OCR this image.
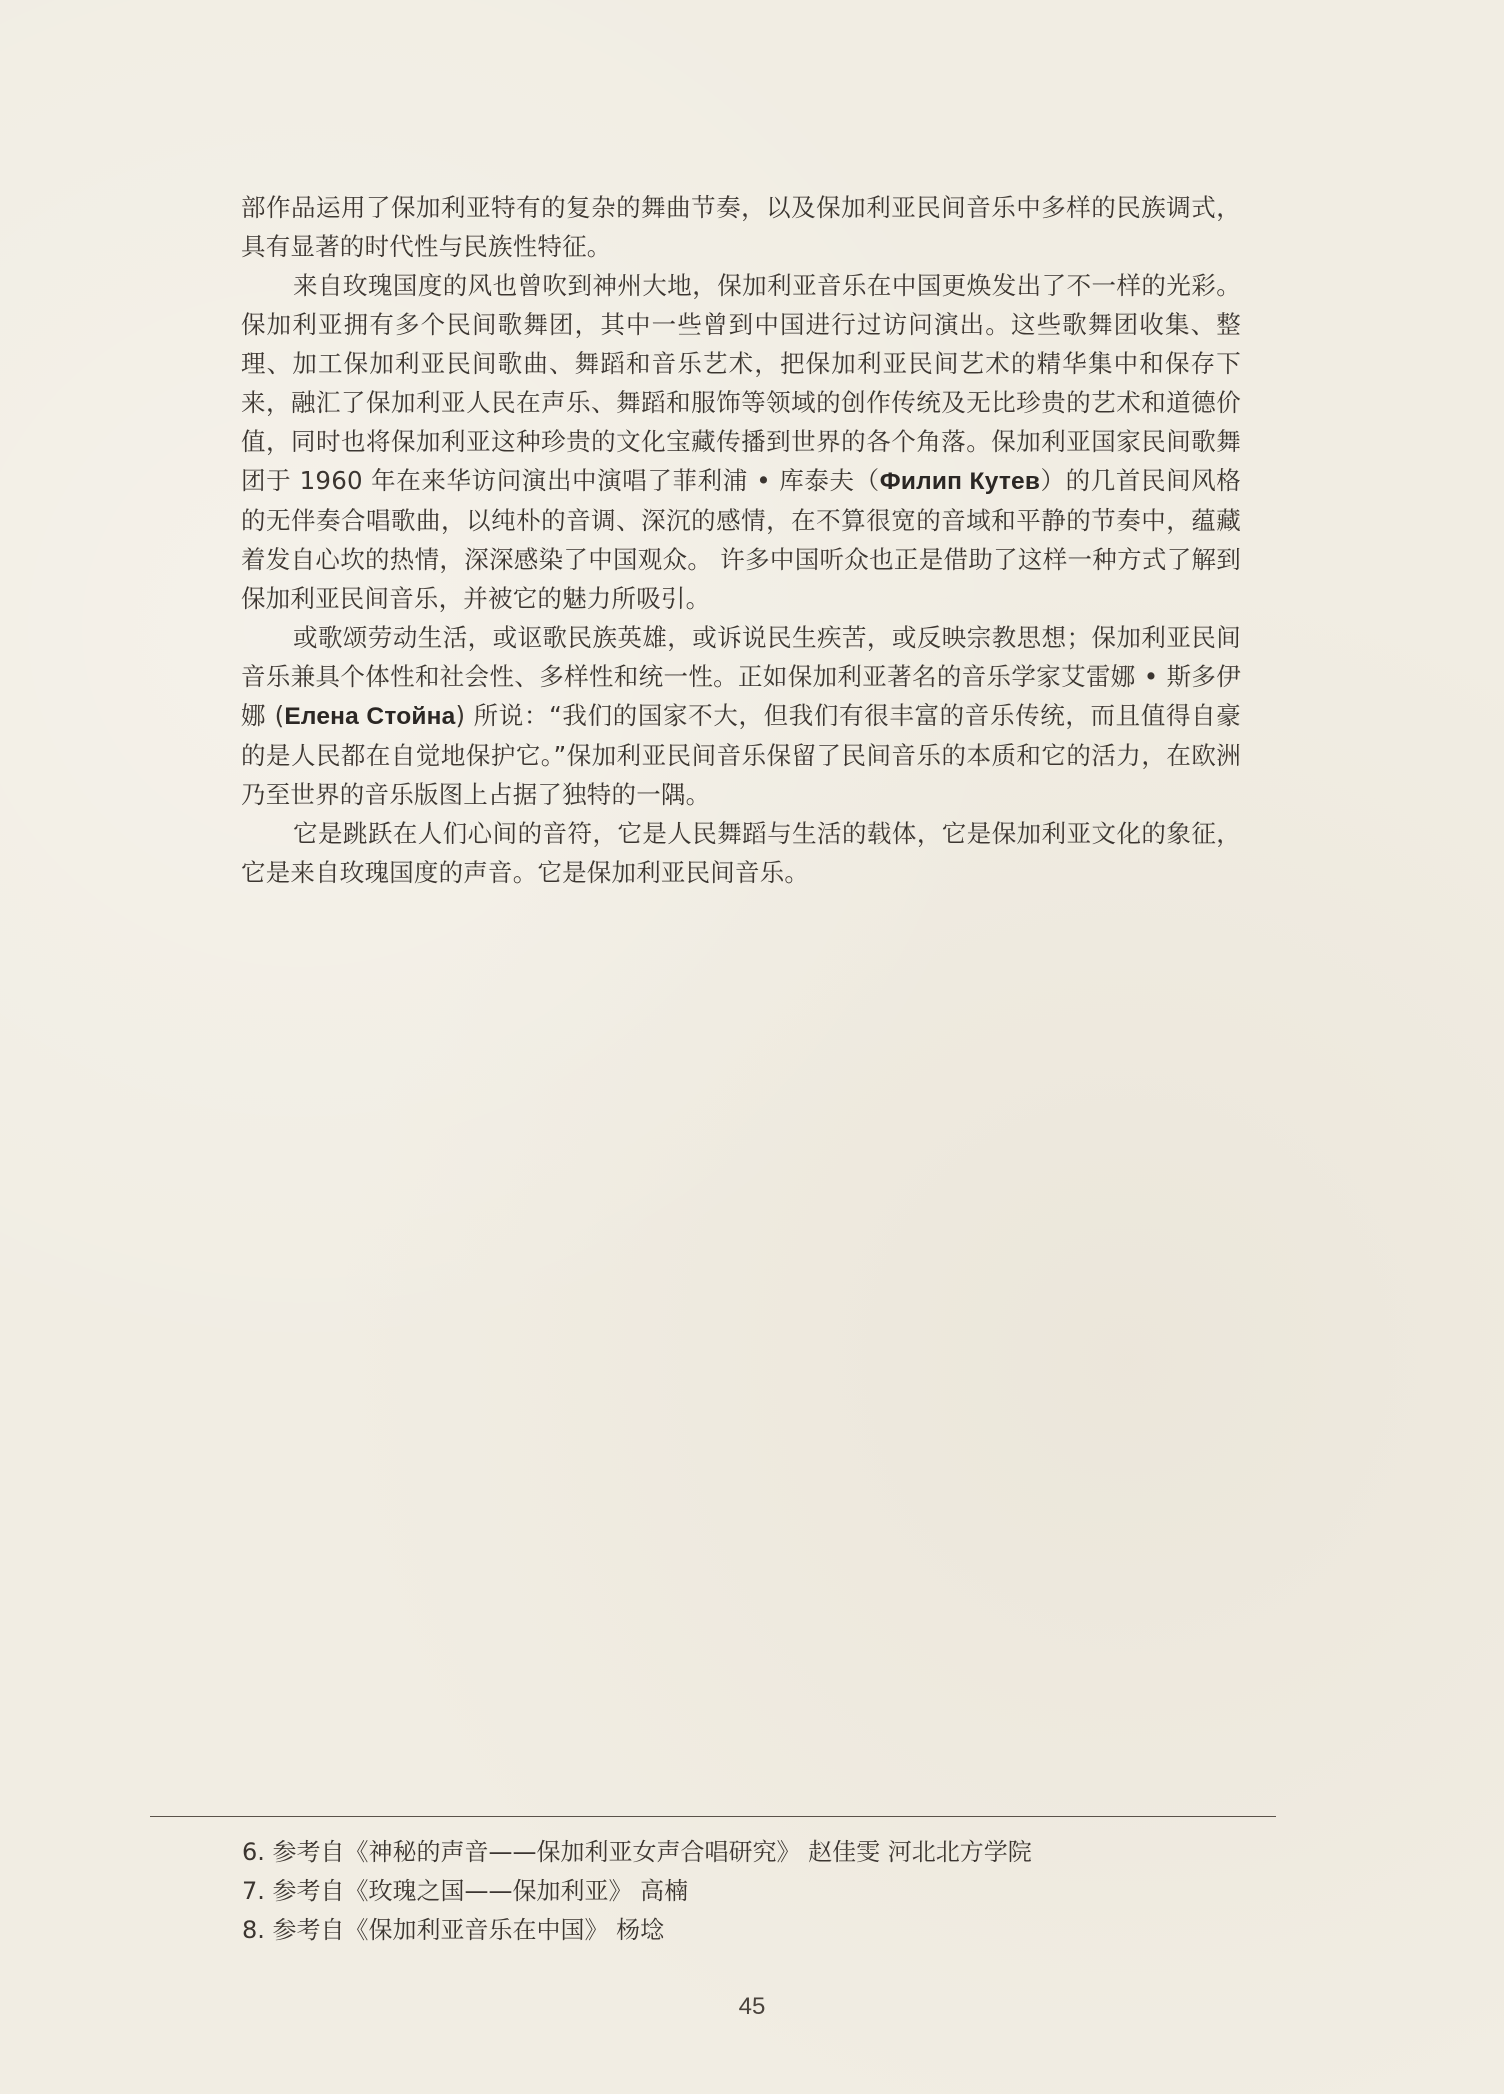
部作品运用了保加利亚特有的复杂的舞曲节奏，以及保加利亚民间音乐中多样的民族调式，具有显著的时代性与民族性特征。

来自玫瑰国度的风也曾吹到神州大地，保加利亚音乐在中国更焕发出了不一样的光彩。保加利亚拥有多个民间歌舞团，其中一些曾到中国进行过访问演出。这些歌舞团收集、整理、加工保加利亚民间歌曲、舞蹈和音乐艺术，把保加利亚民间艺术的精华集中和保存下来，融汇了保加利亚人民在声乐、舞蹈和服饰等领域的创作传统及无比珍贵的艺术和道德价值，同时也将保加利亚这种珍贵的文化宝藏传播到世界的各个角落。保加利亚国家民间歌舞团于 1960 年在来华访问演出中演唱了菲利浦 • 库泰夫（Филип Кутев）的几首民间风格的无伴奏合唱歌曲，以纯朴的音调、深沉的感情，在不算很宽的音域和平静的节奏中，蕴藏着发自心坎的热情，深深感染了中国观众。 许多中国听众也正是借助了这样一种方式了解到保加利亚民间音乐，并被它的魅力所吸引。

或歌颂劳动生活，或讴歌民族英雄，或诉说民生疾苦，或反映宗教思想；保加利亚民间音乐兼具个体性和社会性、多样性和统一性。正如保加利亚著名的音乐学家艾雷娜 • 斯多伊娜 (Елена Стойна) 所说：“我们的国家不大，但我们有很丰富的音乐传统，而且值得自豪的是人民都在自觉地保护它。”保加利亚民间音乐保留了民间音乐的本质和它的活力，在欧洲乃至世界的音乐版图上占据了独特的一隅。

它是跳跃在人们心间的音符，它是人民舞蹈与生活的载体，它是保加利亚文化的象征，它是来自玫瑰国度的声音。它是保加利亚民间音乐。

6. 参考自《神秘的声音——保加利亚女声合唱研究》 赵佳雯 河北北方学院

7. 参考自《玫瑰之国——保加利亚》 高楠

8. 参考自《保加利亚音乐在中国》 杨埝

45
